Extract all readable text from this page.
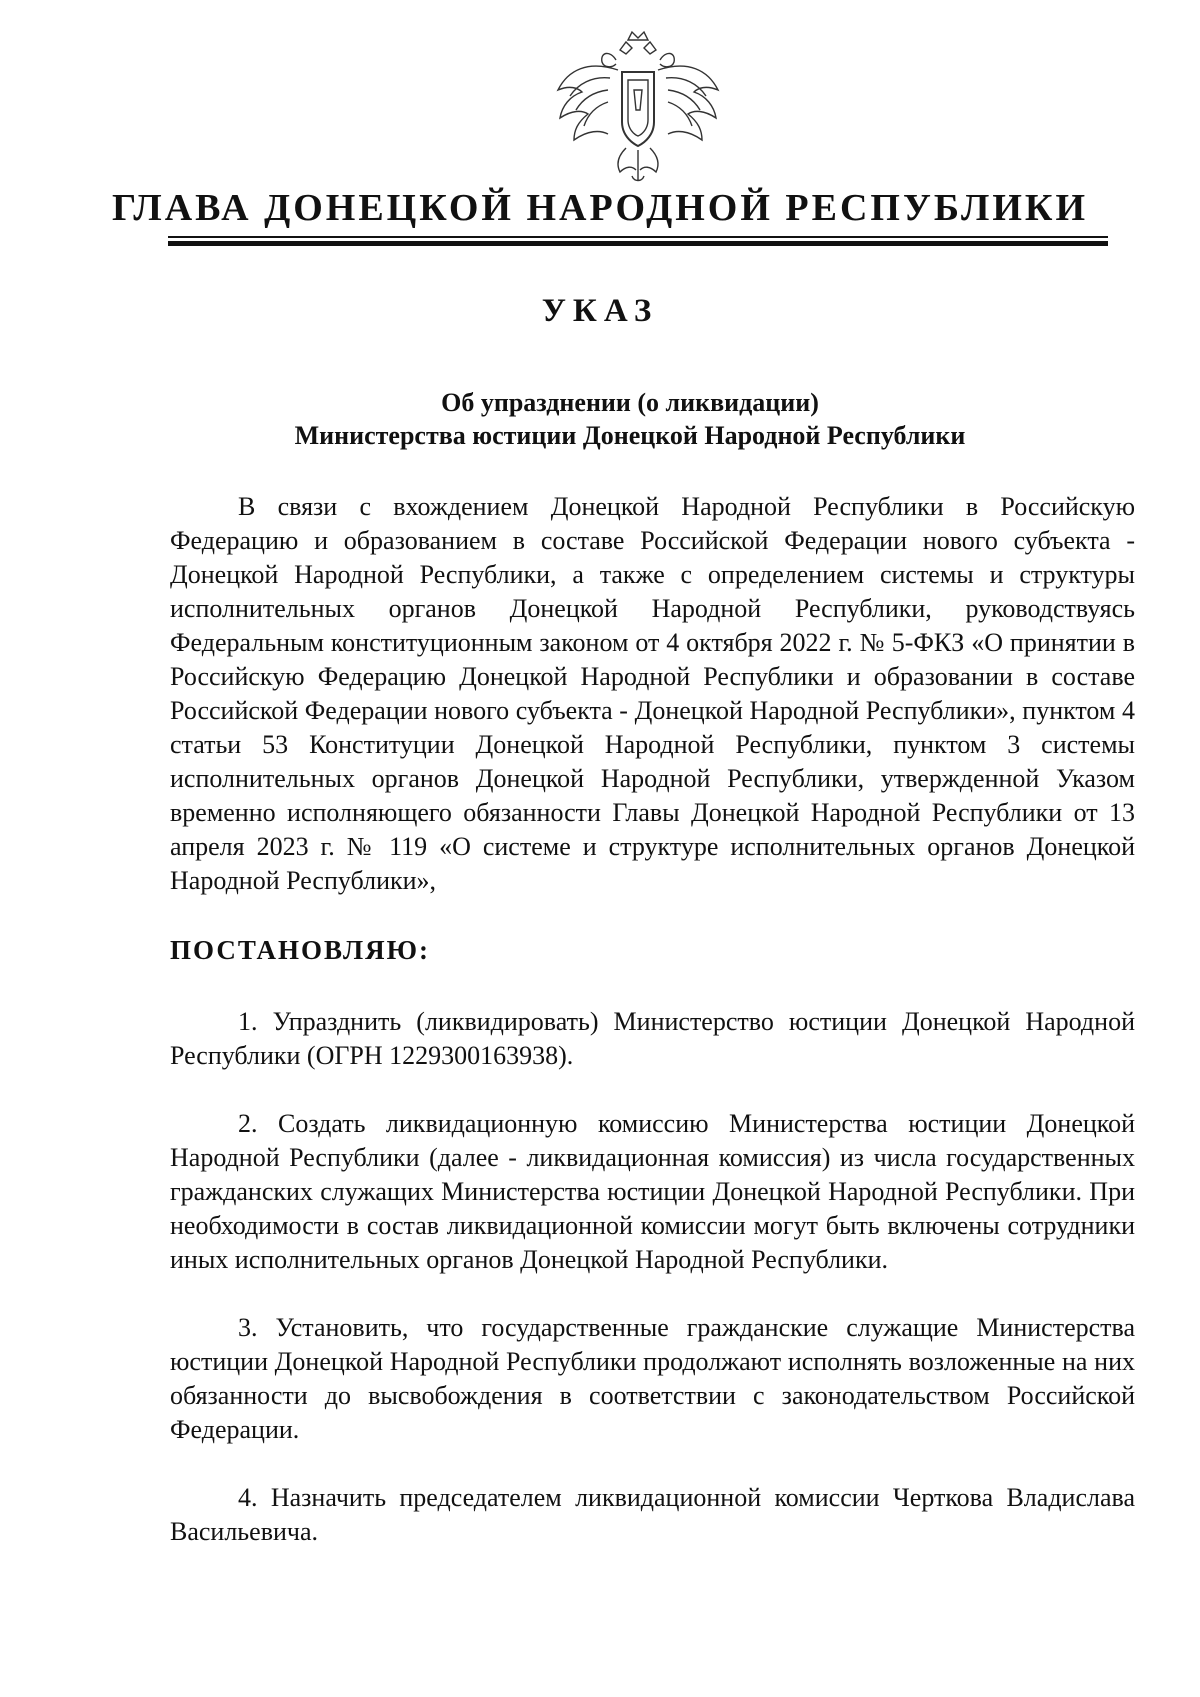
ГЛАВА ДОНЕЦКОЙ НАРОДНОЙ РЕСПУБЛИКИ
УКАЗ
Об упразднении (о ликвидации)
Министерства юстиции Донецкой Народной Республики
В связи с вхождением Донецкой Народной Республики в Российскую Федерацию и образованием в составе Российской Федерации нового субъекта - Донецкой Народной Республики, а также с определением системы и структуры исполнительных органов Донецкой Народной Республики, руководствуясь Федеральным конституционным законом от 4 октября 2022 г. № 5-ФКЗ «О принятии в Российскую Федерацию Донецкой Народной Республики и образовании в составе Российской Федерации нового субъекта - Донецкой Народной Республики», пунктом 4 статьи 53 Конституции Донецкой Народной Республики, пунктом 3 системы исполнительных органов Донецкой Народной Республики, утвержденной Указом временно исполняющего обязанности Главы Донецкой Народной Республики от 13 апреля 2023 г. № 119 «О системе и структуре исполнительных органов Донецкой Народной Республики»,
ПОСТАНОВЛЯЮ:

1. Упразднить (ликвидировать) Министерство юстиции Донецкой Народной Республики (ОГРН 1229300163938).

2. Создать ликвидационную комиссию Министерства юстиции Донецкой Народной Республики (далее - ликвидационная комиссия) из числа государственных гражданских служащих Министерства юстиции Донецкой Народной Республики. При необходимости в состав ликвидационной комиссии могут быть включены сотрудники иных исполнительных органов Донецкой Народной Республики.

3. Установить, что государственные гражданские служащие Министерства юстиции Донецкой Народной Республики продолжают исполнять возложенные на них обязанности до высвобождения в соответствии с законодательством Российской Федерации.

4. Назначить председателем ликвидационной комиссии Черткова Владислава Васильевича.
